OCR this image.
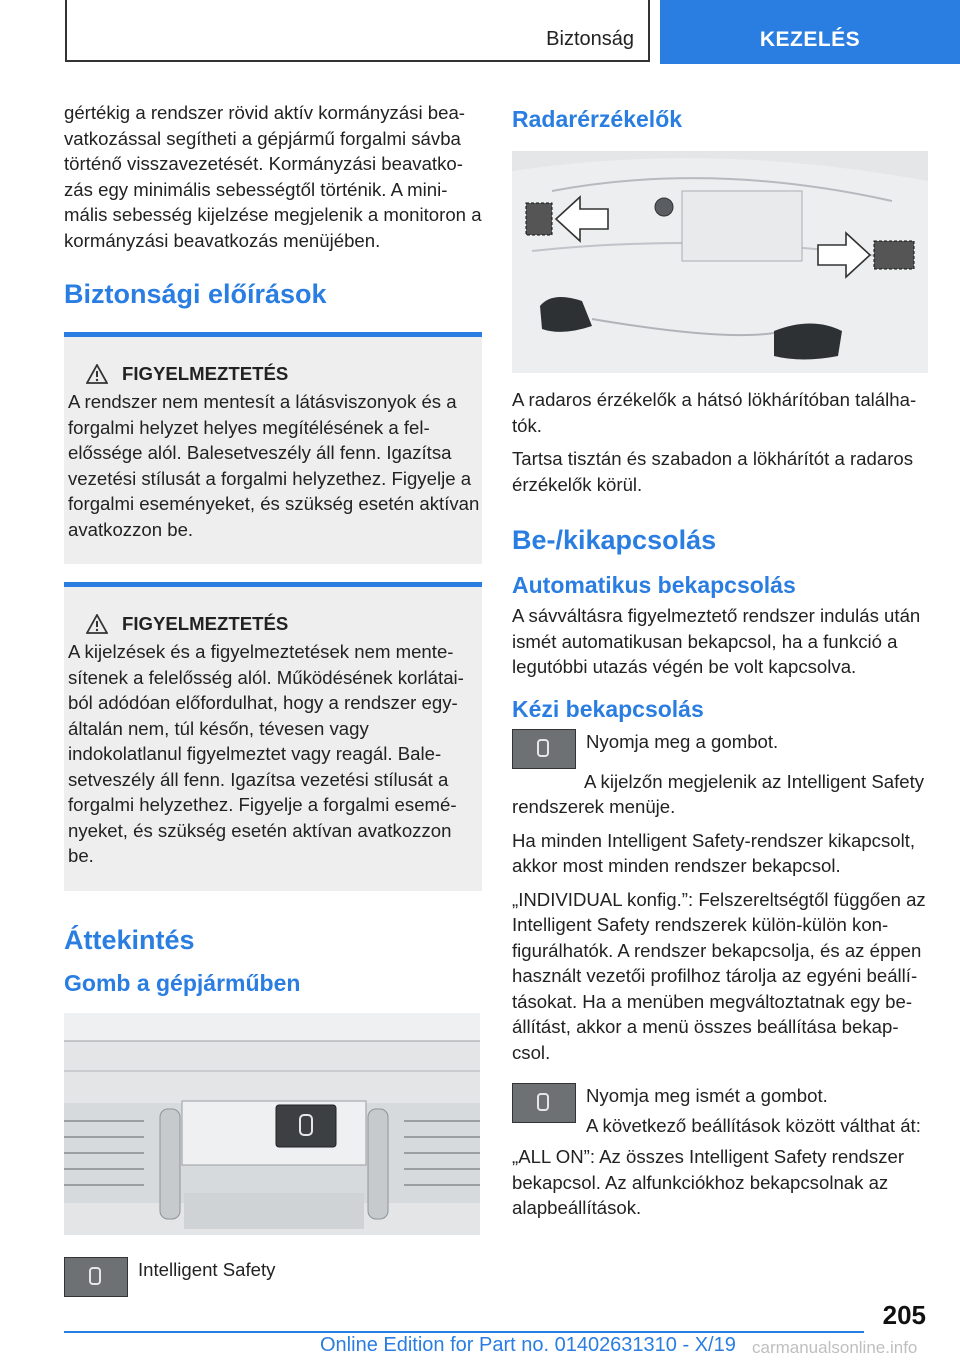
Biztonság	KEZELÉS

gértékig a rendszer rövid aktív kormányzási beavatkozással segítheti a gépjármű forgalmi sávba történő visszavezetését. Kormányzási beavatkozás egy minimális sebességtől történik. A minimális sebesség kijelzése megjelenik a monitoron a kormányzási beavatkozás menüjében.

Biztonsági előírások
FIGYELMEZTETÉS

A rendszer nem mentesít a látásviszonyok és a forgalmi helyzet helyes megítélésének a felelőssége alól. Balesetveszély áll fenn. Igazítsa vezetési stílusát a forgalmi helyzethez. Figyelje a forgalmi eseményeket, és szükség esetén aktívan avatkozzon be.

FIGYELMEZTETÉS

A kijelzések és a figyelmeztetések nem mentesítenek a felelősség alól. Működésének korlátaiból adódóan előfordulhat, hogy a rendszer egyáltalán nem, túl későn, tévesen vagy indokolatlanul figyelmeztet vagy reagál. Balesetveszély áll fenn. Igazítsa vezetési stílusát a forgalmi helyzethez. Figyelje a forgalmi eseményeket, és szükség esetén aktívan avatkozzon be.

Áttekintés
Gomb a gépjárműben

Intelligent Safety

Radarérzékelők

A radaros érzékelők a hátsó lökhárítóban találhatók.

Tartsa tisztán és szabadon a lökhárítót a radaros érzékelők körül.

Be-/kikapcsolás
Automatikus bekapcsolás

A sávváltásra figyelmeztető rendszer indulás után ismét automatikusan bekapcsol, ha a funkció a legutóbbi utazás végén be volt kapcsolva.

Kézi bekapcsolás

Nyomja meg a gombot.

A kijelzőn megjelenik az Intelligent Safety rendszerek menüje.

Ha minden Intelligent Safety-rendszer kikapcsolt, akkor most minden rendszer bekapcsol.

„INDIVIDUAL konfig.”: Felszereltségtől függően az Intelligent Safety rendszerek külön-külön konfigurálhatók. A rendszer bekapcsolja, és az éppen használt vezetői profilhoz tárolja az egyéni beállításokat. Ha a menüben megváltoztatnak egy beállítást, akkor a menü összes beállítása bekapcsol.

Nyomja meg ismét a gombot.

A következő beállítások között válthat át:

„ALL ON”: Az összes Intelligent Safety rendszer bekapcsol. Az alfunkciókhoz bekapcsolnak az alapbeállítások.

205
Online Edition for Part no. 01402631310 - X/19 carmanualsonline.info
